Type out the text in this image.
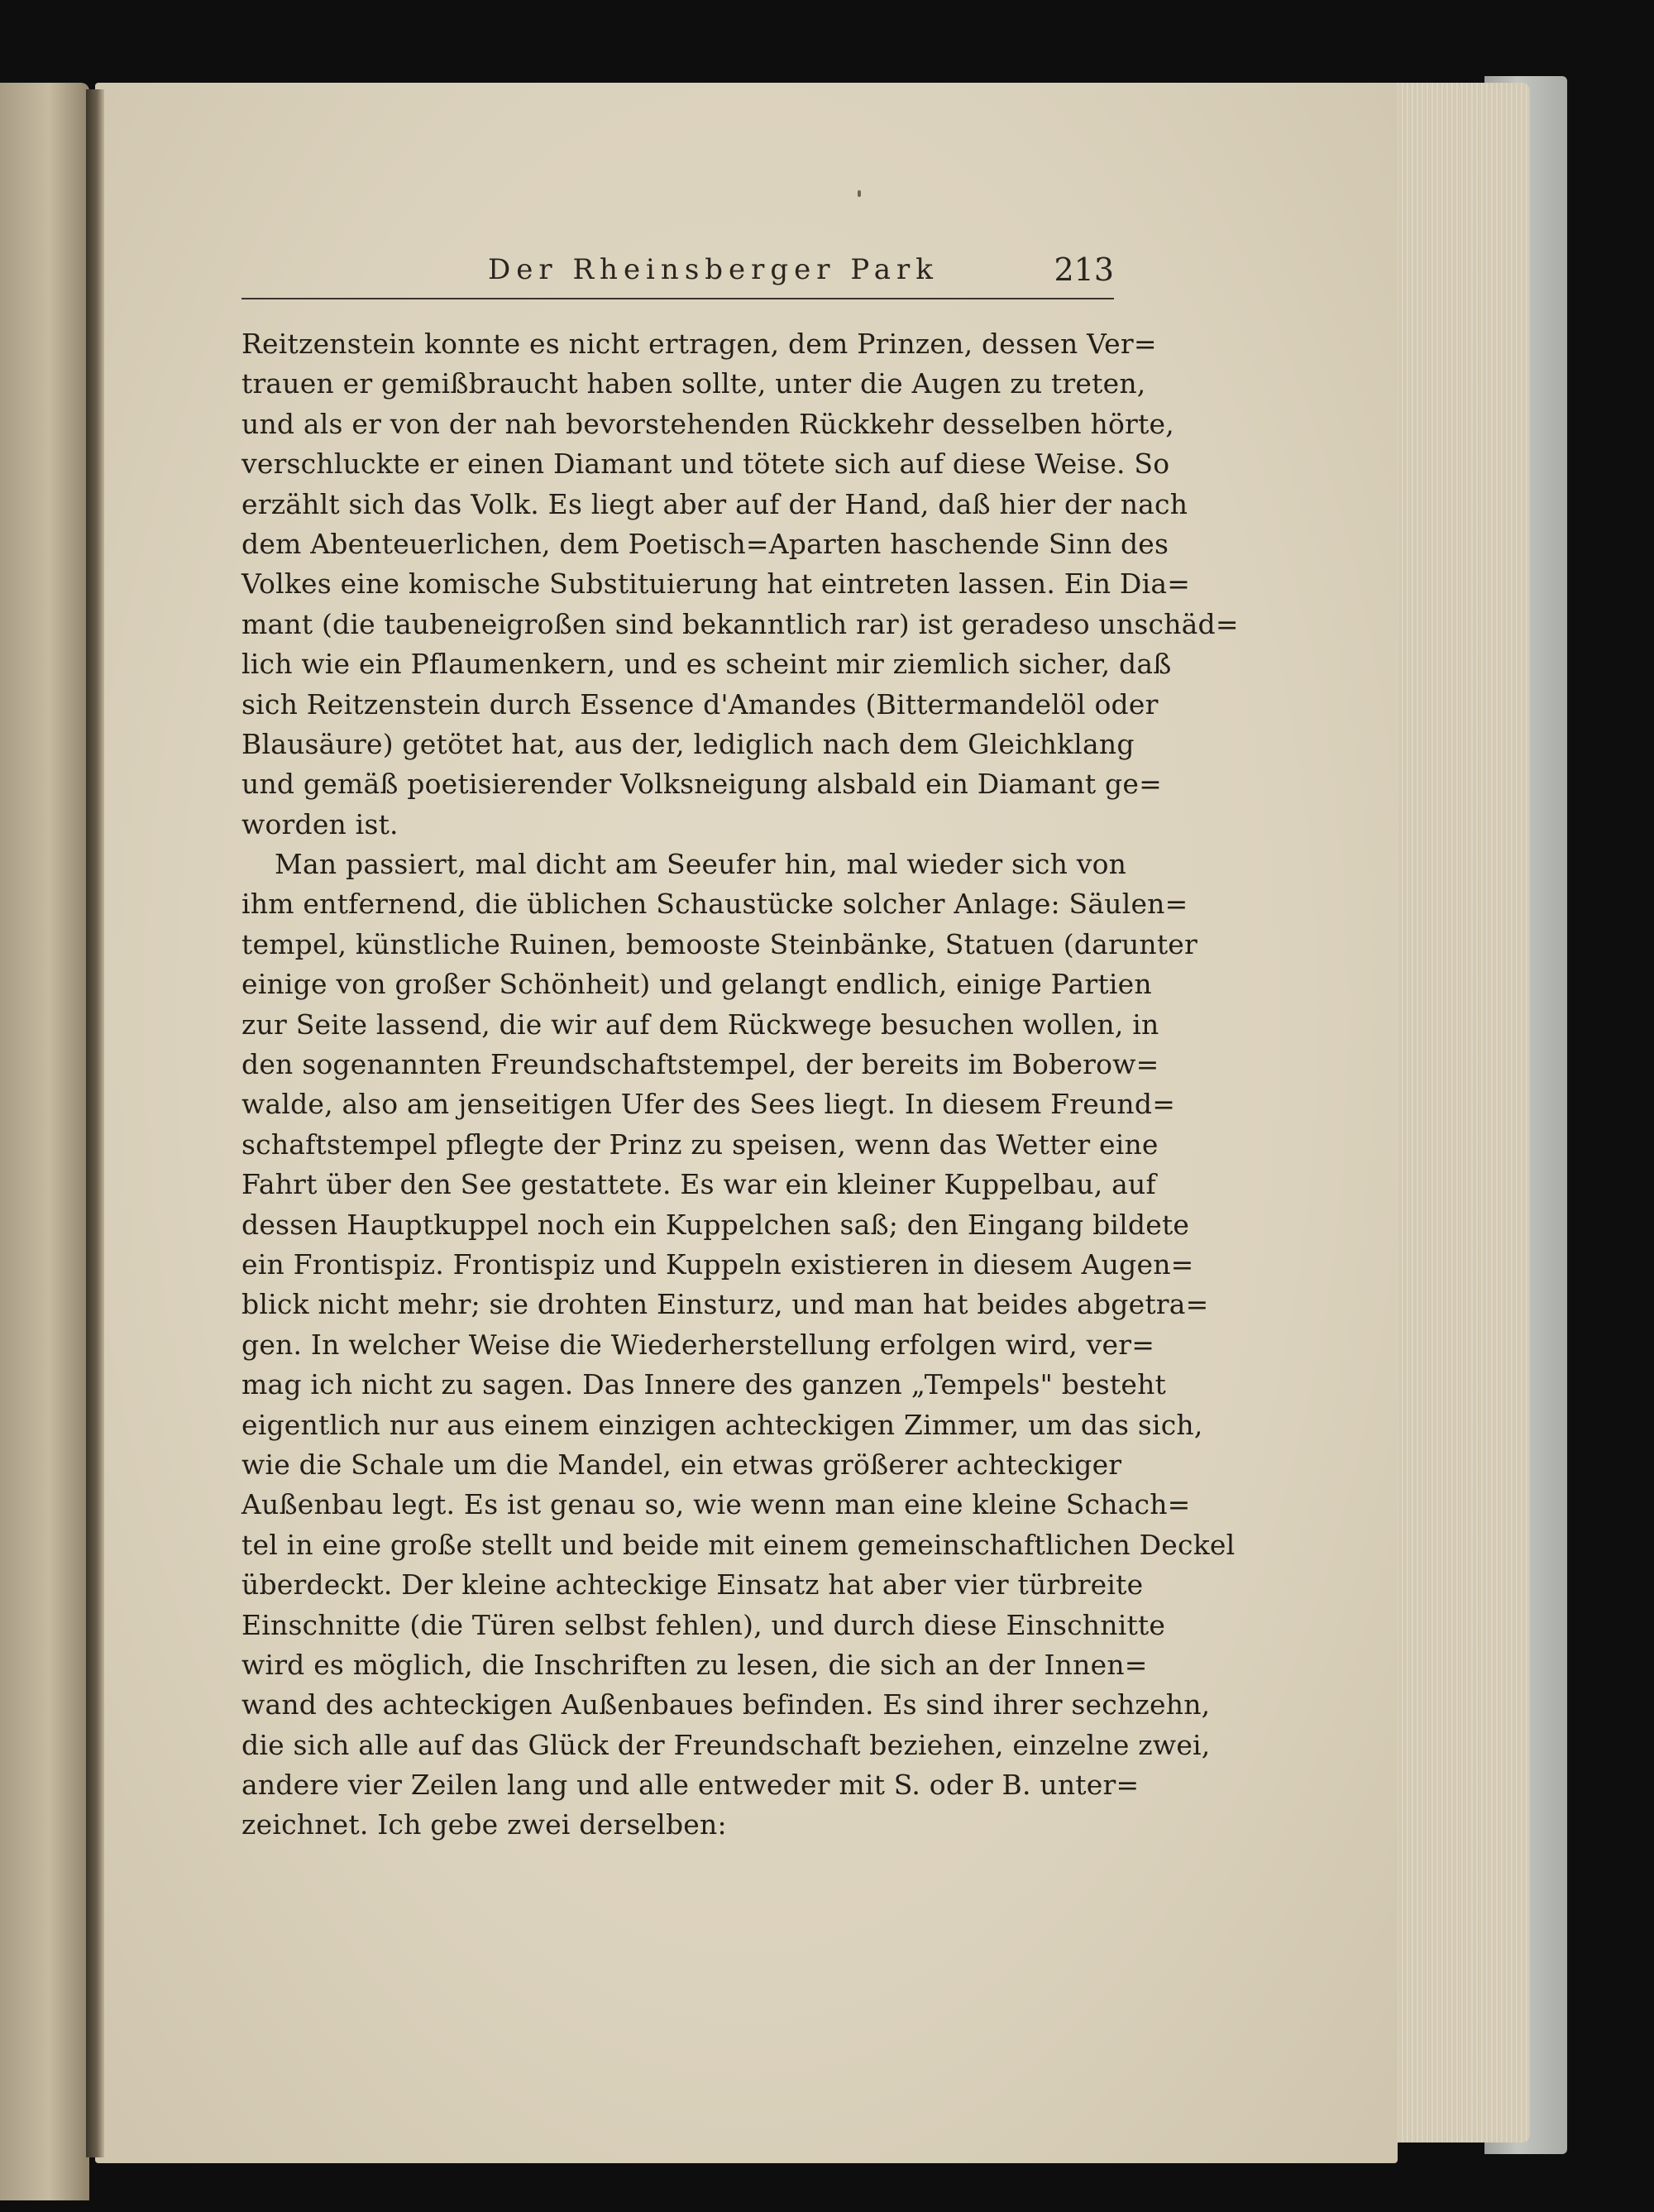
Der Rheinsberger Park	213
Reitzenstein konnte es nicht ertragen, dem Prinzen, dessen Ver=
trauen er gemißbraucht haben sollte, unter die Augen zu treten,
und als er von der nah bevorstehenden Rückkehr desselben hörte,
verschluckte er einen Diamant und tötete sich auf diese Weise. So
erzählt sich das Volk. Es liegt aber auf der Hand, daß hier der nach
dem Abenteuerlichen, dem Poetisch=Aparten haschende Sinn des
Volkes eine komische Substituierung hat eintreten lassen. Ein Dia=
mant (die taubeneigroßen sind bekanntlich rar) ist geradeso unschäd=
lich wie ein Pflaumenkern, und es scheint mir ziemlich sicher, daß
sich Reitzenstein durch Essence d'Amandes (Bittermandelöl oder
Blausäure) getötet hat, aus der, lediglich nach dem Gleichklang
und gemäß poetisierender Volksneigung alsbald ein Diamant ge=
worden ist.
Man passiert, mal dicht am Seeufer hin, mal wieder sich von
ihm entfernend, die üblichen Schaustücke solcher Anlage: Säulen=
tempel, künstliche Ruinen, bemooste Steinbänke, Statuen (darunter
einige von großer Schönheit) und gelangt endlich, einige Partien
zur Seite lassend, die wir auf dem Rückwege besuchen wollen, in
den sogenannten Freundschaftstempel, der bereits im Boberow=
walde, also am jenseitigen Ufer des Sees liegt. In diesem Freund=
schaftstempel pflegte der Prinz zu speisen, wenn das Wetter eine
Fahrt über den See gestattete. Es war ein kleiner Kuppelbau, auf
dessen Hauptkuppel noch ein Kuppelchen saß; den Eingang bildete
ein Frontispiz. Frontispiz und Kuppeln existieren in diesem Augen=
blick nicht mehr; sie drohten Einsturz, und man hat beides abgetra=
gen. In welcher Weise die Wiederherstellung erfolgen wird, ver=
mag ich nicht zu sagen. Das Innere des ganzen „Tempels" besteht
eigentlich nur aus einem einzigen achteckigen Zimmer, um das sich,
wie die Schale um die Mandel, ein etwas größerer achteckiger
Außenbau legt. Es ist genau so, wie wenn man eine kleine Schach=
tel in eine große stellt und beide mit einem gemeinschaftlichen Deckel
überdeckt. Der kleine achteckige Einsatz hat aber vier türbreite
Einschnitte (die Türen selbst fehlen), und durch diese Einschnitte
wird es möglich, die Inschriften zu lesen, die sich an der Innen=
wand des achteckigen Außenbaues befinden. Es sind ihrer sechzehn,
die sich alle auf das Glück der Freundschaft beziehen, einzelne zwei,
andere vier Zeilen lang und alle entweder mit S. oder B. unter=
zeichnet. Ich gebe zwei derselben:
